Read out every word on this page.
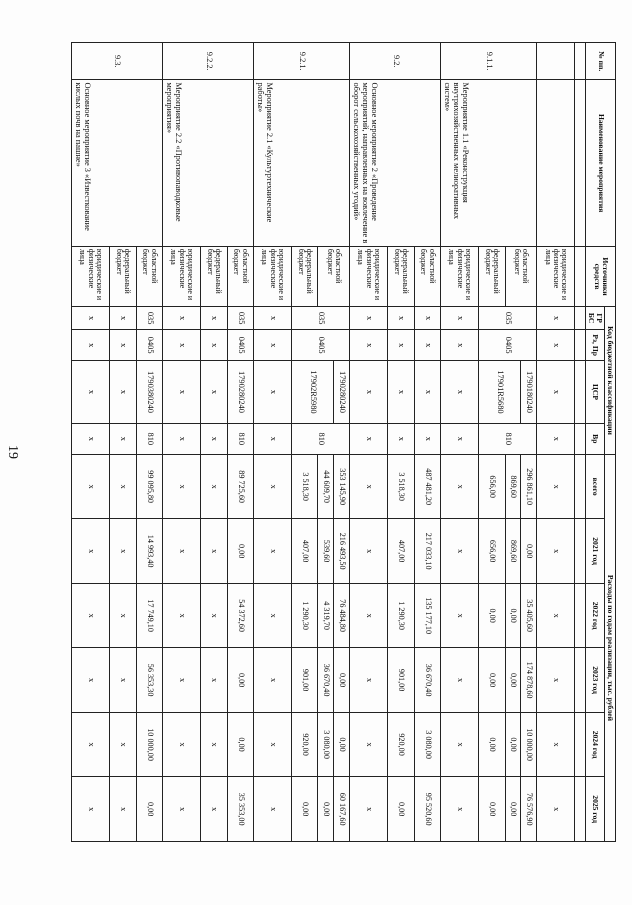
19
№ пп.	Наименование мероприятия	Источники средств	Код бюджетной классификации				Расходы по годам реализации, тыс. рублей					
			ГР БС	Рз, Пр	ЦСР	Вр	всего	2021 год	2022 год	2023 год	2024 год	2025 год

		юридические и физические лица	х	х	х	х	х	х	х	х	х	х
9.1.1.	Мероприятие 1.1 «Реконструкция внутрихозяйственных мелиоративных систем»	областной бюджет	035	0405	1790180240	810	296 861,10	0,00	35 405,60	174 878,60	10 000,00	76 576,90
					17901R5680		869,60	869,60	0,00	0,00	0,00	0,00
		федеральный бюджет					656,00	656,00	0,00	0,00	0,00	0,00
		юридические и физические лица	х	х	х	х	х	х	х	х	х	х
9.2.	Основное мероприятие 2 «Проведение мероприятий, направленных на вовлечение в оборот сельскохозяйственных угодий»	областной бюджет	х	х	х	х	487 481,20	217 033,10	135 177,10	36 670,40	3 080,00	95 520,60
		федеральный бюджет	х	х	х	х	3 518,30	407,00	1 290,30	901,00	920,00	0,00
		юридические и физические лица	х	х	х	х	х	х	х	х	х	х
9.2.1.	Мероприятие 2.1 «Культуртехнические работы»	областной бюджет	035	0405	1790280240	810	353 145,90	216 493,50	76 484,80	0,00	0,00	60 167,60
					17902R5980		44 609,70	539,60	4 319,70	36 670,40	3 080,00	0,00
		федеральный бюджет					3 518,30	407,00	1 290,30	901,00	920,00	0,00
		юридические и физические лица	х	х	х	х	х	х	х	х	х	х
9.2.2.	Мероприятие 2.2 «Противопаводковые мероприятия»	областной бюджет	035	0405	1790280240	810	89 725,60	0,00	54 372,60	0,00	0,00	35 353,00
		федеральный бюджет	х	х	х	х	х	х	х	х	х	х
		юридические и физические лица	х	х	х	х	х	х	х	х	х	х
9.3.	Основное мероприятие 3 «Известкование кислых почв на пашне»	областной бюджет	035	0405	1790380240	810	99 095,80	14 993,40	17 749,10	56 353,30	10 000,00	0,00
		федеральный бюджет	х	х	х	х	х	х	х	х	х	х
		юридические и физические лица	х	х	х	х	х	х	х	х	х	х
